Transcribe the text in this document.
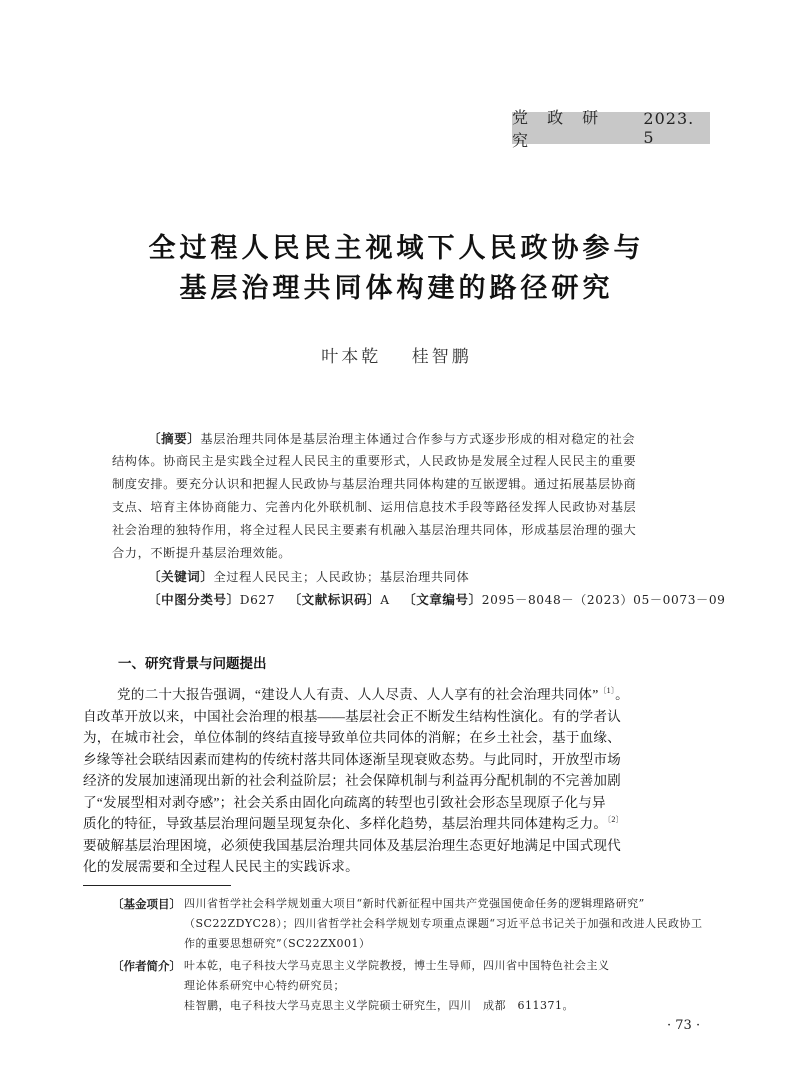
党 政 研 究
2023. 5
全过程人民民主视域下人民政协参与
基层治理共同体构建的路径研究
叶本乾 桂智鹏
〔摘要〕基层治理共同体是基层治理主体通过合作参与方式逐步形成的相对稳定的社会
结构体。协商民主是实践全过程人民民主的重要形式，人民政协是发展全过程人民民主的重要
制度安排。要充分认识和把握人民政协与基层治理共同体构建的互嵌逻辑。通过拓展基层协商
支点、培育主体协商能力、完善内化外联机制、运用信息技术手段等路径发挥人民政协对基层
社会治理的独特作用，将全过程人民民主要素有机融入基层治理共同体，形成基层治理的强大
合力，不断提升基层治理效能。
〔关键词〕全过程人民民主；人民政协；基层治理共同体
〔中图分类号〕D627 〔文献标识码〕A 〔文章编号〕2095－8048－（2023）05－0073－09
一、研究背景与问题提出
党的二十大报告强调，“建设人人有责、人人尽责、人人享有的社会治理共同体”$^{〔1〕}$。
自改革开放以来，中国社会治理的根基——基层社会正不断发生结构性演化。有的学者认
为，在城市社会，单位体制的终结直接导致单位共同体的消解；在乡土社会，基于血缘、
乡缘等社会联结因素而建构的传统村落共同体逐渐呈现衰败态势。与此同时，开放型市场
经济的发展加速涌现出新的社会利益阶层；社会保障机制与利益再分配机制的不完善加剧
了“发展型相对剥夺感”；社会关系由固化向疏离的转型也引致社会形态呈现原子化与异
质化的特征，导致基层治理问题呈现复杂化、多样化趋势，基层治理共同体建构乏力。$^{〔2〕}$
要破解基层治理困境，必须使我国基层治理共同体及基层治理生态更好地满足中国式现代
化的发展需要和全过程人民民主的实践诉求。
〔基金项目〕 四川省哲学社会科学规划重大项目“新时代新征程中国共产党强国使命任务的逻辑理路研究”
（SC22ZDYC28）；四川省哲学社会科学规划专项重点课题“习近平总书记关于加强和改进人民政协工
作的重要思想研究”（SC22ZX001）
〔作者简介〕 叶本乾，电子科技大学马克思主义学院教授，博士生导师，四川省中国特色社会主义
理论体系研究中心特约研究员；
桂智鹏，电子科技大学马克思主义学院硕士研究生，四川　成都　611371。
· 73 ·
